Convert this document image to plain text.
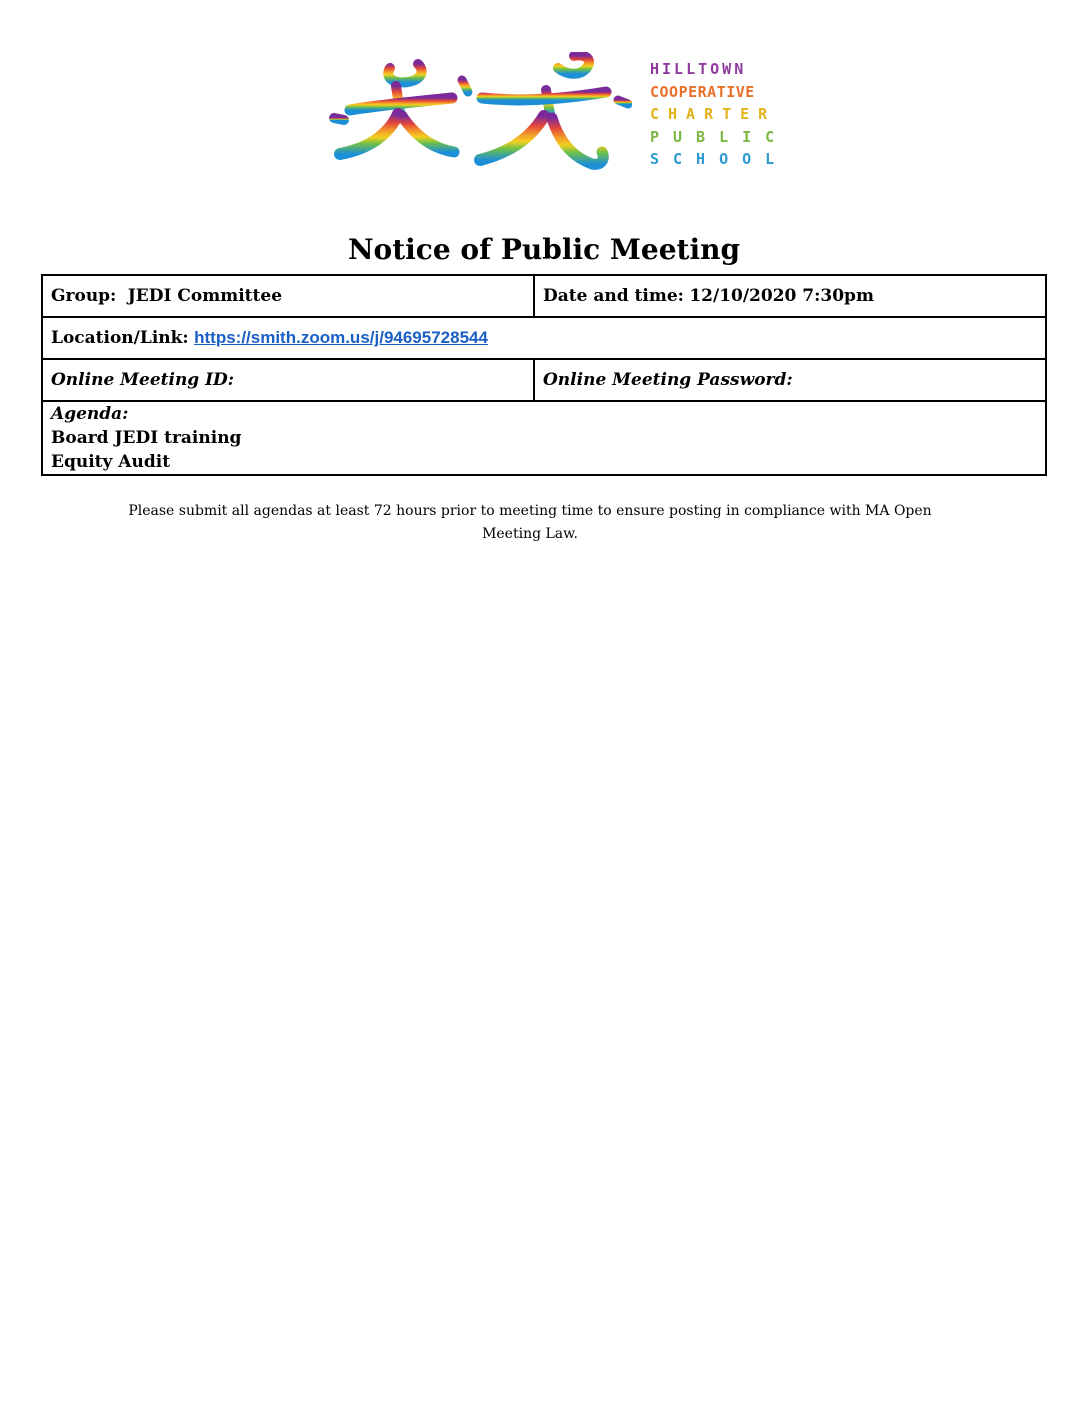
HILLTOWN
COOPERATIVE
CHARTER
PUBLIC
SCHOOL
Notice of Public Meeting
Group: JEDI Committee	Date and time: 12/10/2020 7:30pm
Location/Link: https://smith.zoom.us/j/94695728544	
Online Meeting ID:	Online Meeting Password:

Agenda:
Board JEDI training
Equity Audit	
Please submit all agendas at least 72 hours prior to meeting time to ensure posting in compliance with MA Open Meeting Law.
